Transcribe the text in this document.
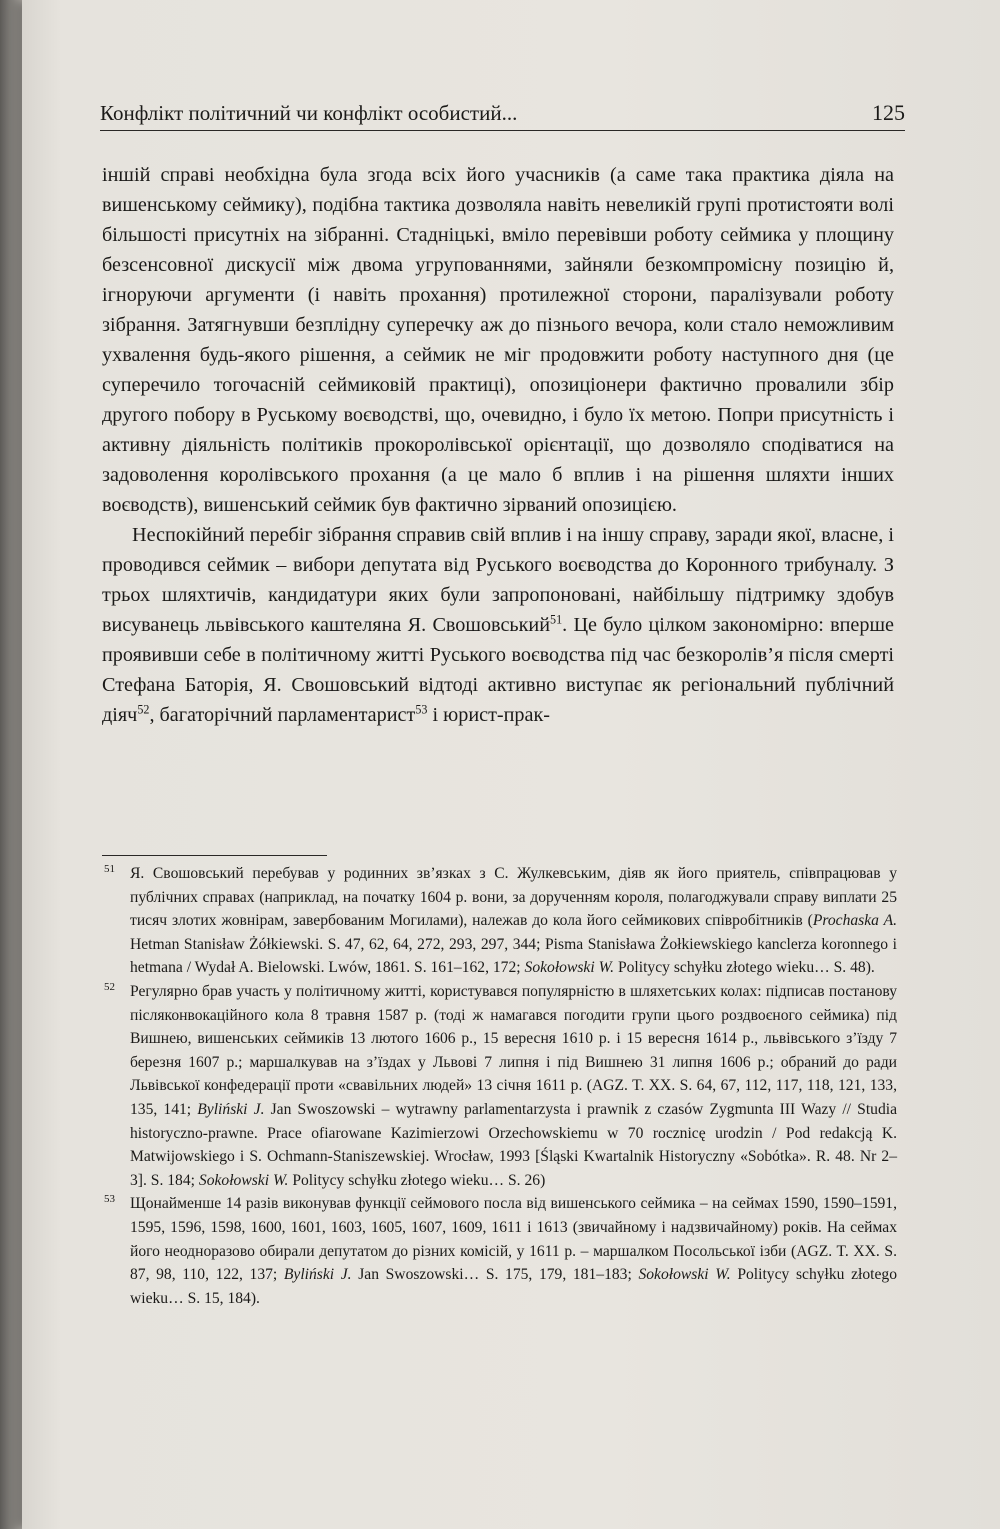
Конфлікт політичний чи конфлікт особистий...	125

іншій справі необхідна була згода всіх його учасників (а саме така практика діяла на вишенському сеймику), подібна тактика дозволяла навіть невеликій групі протистояти волі більшості присутніх на зібранні. Стадніцькі, вміло перевівши роботу сеймика у площину безсенсовної дискусії між двома угрупованнями, зайняли безкомпромісну позицію й, ігноруючи аргументи (і навіть прохання) протилежної сторони, паралізували роботу зібрання. Затягнувши безплідну суперечку аж до пізнього вечора, коли стало неможливим ухвалення будь-якого рішення, а сеймик не міг продовжити роботу наступного дня (це суперечило тогочасній сеймиковій практиці), опозиціонери фактично провалили збір другого побору в Руському воєводстві, що, очевидно, і було їх метою. Попри присутність і активну діяльність політиків прокоролівської орієнтації, що дозволяло сподіватися на задоволення королівського прохання (а це мало б вплив і на рішення шляхти інших воєводств), вишенський сеймик був фактично зірваний опозицією.

Неспокійний перебіг зібрання справив свій вплив і на іншу справу, заради якої, власне, і проводився сеймик – вибори депутата від Руського воєводства до Коронного трибуналу. З трьох шляхтичів, кандидатури яких були запропоновані, найбільшу підтримку здобув висуванець львівського каштеляна Я. Свошовський$^{51}$. Це було цілком закономірно: вперше проявивши себе в політичному житті Руського воєводства під час безкоролів’я після смерті Стефана Баторія, Я. Свошовський відтоді активно виступає як регіональний публічний діяч$^{52}$, багаторічний парламентарист$^{53}$ і юрист-прак-

51 Я. Свошовський перебував у родинних зв’язках з С. Жулкевським, діяв як його приятель, співпрацював у публічних справах (наприклад, на початку 1604 р. вони, за дорученням короля, полагоджували справу виплати 25 тисяч злотих жовнірам, завербованим Могилами), належав до кола його сеймикових співробітників (Prochaska A. Hetman Stanisław Żółkiewski. S. 47, 62, 64, 272, 293, 297, 344; Pisma Stanisława Żołkiewskiego kanclerza koronnego i hetmana / Wydał A. Bielowski. Lwów, 1861. S. 161–162, 172; Sokołowski W. Politycy schyłku złotego wieku… S. 48).

52 Регулярно брав участь у політичному житті, користувався популярністю в шляхетських колах: підписав постанову післяконвокаційного кола 8 травня 1587 р. (тоді ж намагався погодити групи цього роздвоєного сеймика) під Вишнею, вишенських сеймиків 13 лютого 1606 р., 15 вересня 1610 р. і 15 вересня 1614 р., львівського з’їзду 7 березня 1607 р.; маршалкував на з’їздах у Львові 7 липня і під Вишнею 31 липня 1606 р.; обраний до ради Львівської конфедерації проти «свавільних людей» 13 січня 1611 р. (AGZ. T. XX. S. 64, 67, 112, 117, 118, 121, 133, 135, 141; Byliński J. Jan Swoszowski – wytrawny parlamentarzysta i prawnik z czasów Zygmunta III Wazy // Studia historyczno-prawne. Prace ofiarowane Kazimierzowi Orzechowskiemu w 70 rocznicę urodzin / Pod redakcją K. Matwijowskiego i S. Ochmann-Staniszewskiej. Wrocław, 1993 [Śląski Kwartalnik Historyczny «Sobótka». R. 48. Nr 2–3]. S. 184; Sokołowski W. Politycy schyłku złotego wieku… S. 26)

53 Щонайменше 14 разів виконував функції сеймового посла від вишенського сеймика – на сеймах 1590, 1590–1591, 1595, 1596, 1598, 1600, 1601, 1603, 1605, 1607, 1609, 1611 і 1613 (звичайному і надзвичайному) років. На сеймах його неодноразово обирали депутатом до різних комісій, у 1611 р. – маршалком Посольської ізби (AGZ. T. XX. S. 87, 98, 110, 122, 137; Byliński J. Jan Swoszowski… S. 175, 179, 181–183; Sokołowski W. Politycy schyłku złotego wieku… S. 15, 184).
